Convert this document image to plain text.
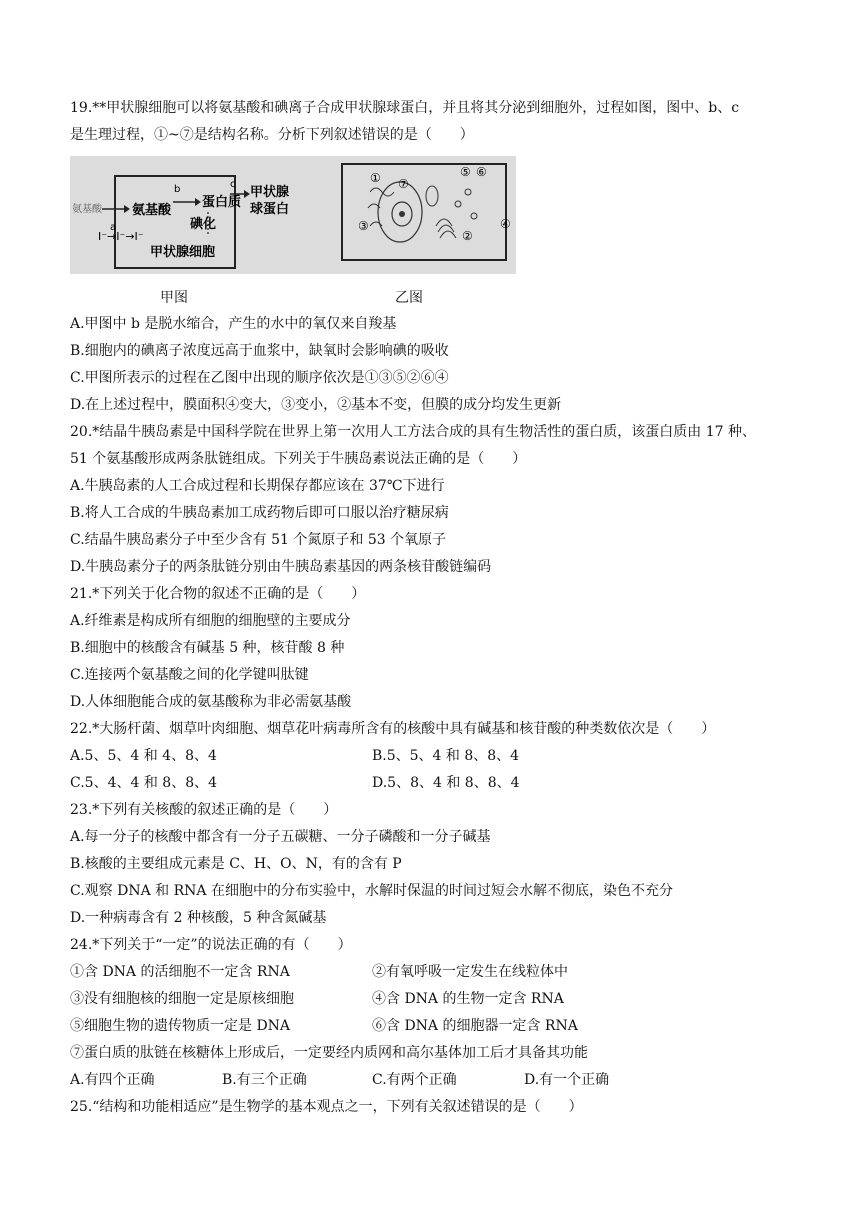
19.**甲状腺细胞可以将氨基酸和碘离子合成甲状腺球蛋白，并且将其分泌到细胞外，过程如图，图中、b、c
是生理过程，①~⑦是结构名称。分析下列叙述错误的是（　　）
氨基酸 氨基酸
b
蛋白质
c
甲状腺
球蛋白
a
I⁻→I⁻→I⁻
碘化
甲状腺细胞
① ⑦
⑤ ⑥
②
③	④
甲图	乙图
A.甲图中 b 是脱水缩合，产生的水中的氧仅来自羧基
B.细胞内的碘离子浓度远高于血浆中，缺氧时会影响碘的吸收
C.甲图所表示的过程在乙图中出现的顺序依次是①③⑤②⑥④
D.在上述过程中，膜面积④变大，③变小，②基本不变，但膜的成分均发生更新
20.*结晶牛胰岛素是中国科学院在世界上第一次用人工方法合成的具有生物活性的蛋白质，该蛋白质由 17 种、
51 个氨基酸形成两条肽链组成。下列关于牛胰岛素说法正确的是（　　）
A.牛胰岛素的人工合成过程和长期保存都应该在 37℃下进行
B.将人工合成的牛胰岛素加工成药物后即可口服以治疗糖尿病
C.结晶牛胰岛素分子中至少含有 51 个氮原子和 53 个氧原子
D.牛胰岛素分子的两条肽链分别由牛胰岛素基因的两条核苷酸链编码
21.*下列关于化合物的叙述不正确的是（　　）
A.纤维素是构成所有细胞的细胞壁的主要成分
B.细胞中的核酸含有碱基 5 种，核苷酸 8 种
C.连接两个氨基酸之间的化学键叫肽键
D.人体细胞能合成的氨基酸称为非必需氨基酸
22.*大肠杆菌、烟草叶肉细胞、烟草花叶病毒所含有的核酸中具有碱基和核苷酸的种类数依次是（　　）
A.5、5、4 和 4、8、4	B.5、5、4 和 8、8、4
C.5、4、4 和 8、8、4	D.5、8、4 和 8、8、4
23.*下列有关核酸的叙述正确的是（　　）
A.每一分子的核酸中都含有一分子五碳糖、一分子磷酸和一分子碱基
B.核酸的主要组成元素是 C、H、O、N，有的含有 P
C.观察 DNA 和 RNA 在细胞中的分布实验中，水解时保温的时间过短会水解不彻底，染色不充分
D.一种病毒含有 2 种核酸，5 种含氮碱基
24.*下列关于“一定”的说法正确的有（　　）
①含 DNA 的活细胞不一定含 RNA	②有氧呼吸一定发生在线粒体中
③没有细胞核的细胞一定是原核细胞	④含 DNA 的生物一定含 RNA
⑤细胞生物的遗传物质一定是 DNA	⑥含 DNA 的细胞器一定含 RNA
⑦蛋白质的肽链在核糖体上形成后，一定要经内质网和高尔基体加工后才具备其功能
A.有四个正确	B.有三个正确	C.有两个正确	D.有一个正确
25.“结构和功能相适应”是生物学的基本观点之一，下列有关叙述错误的是（　　）
